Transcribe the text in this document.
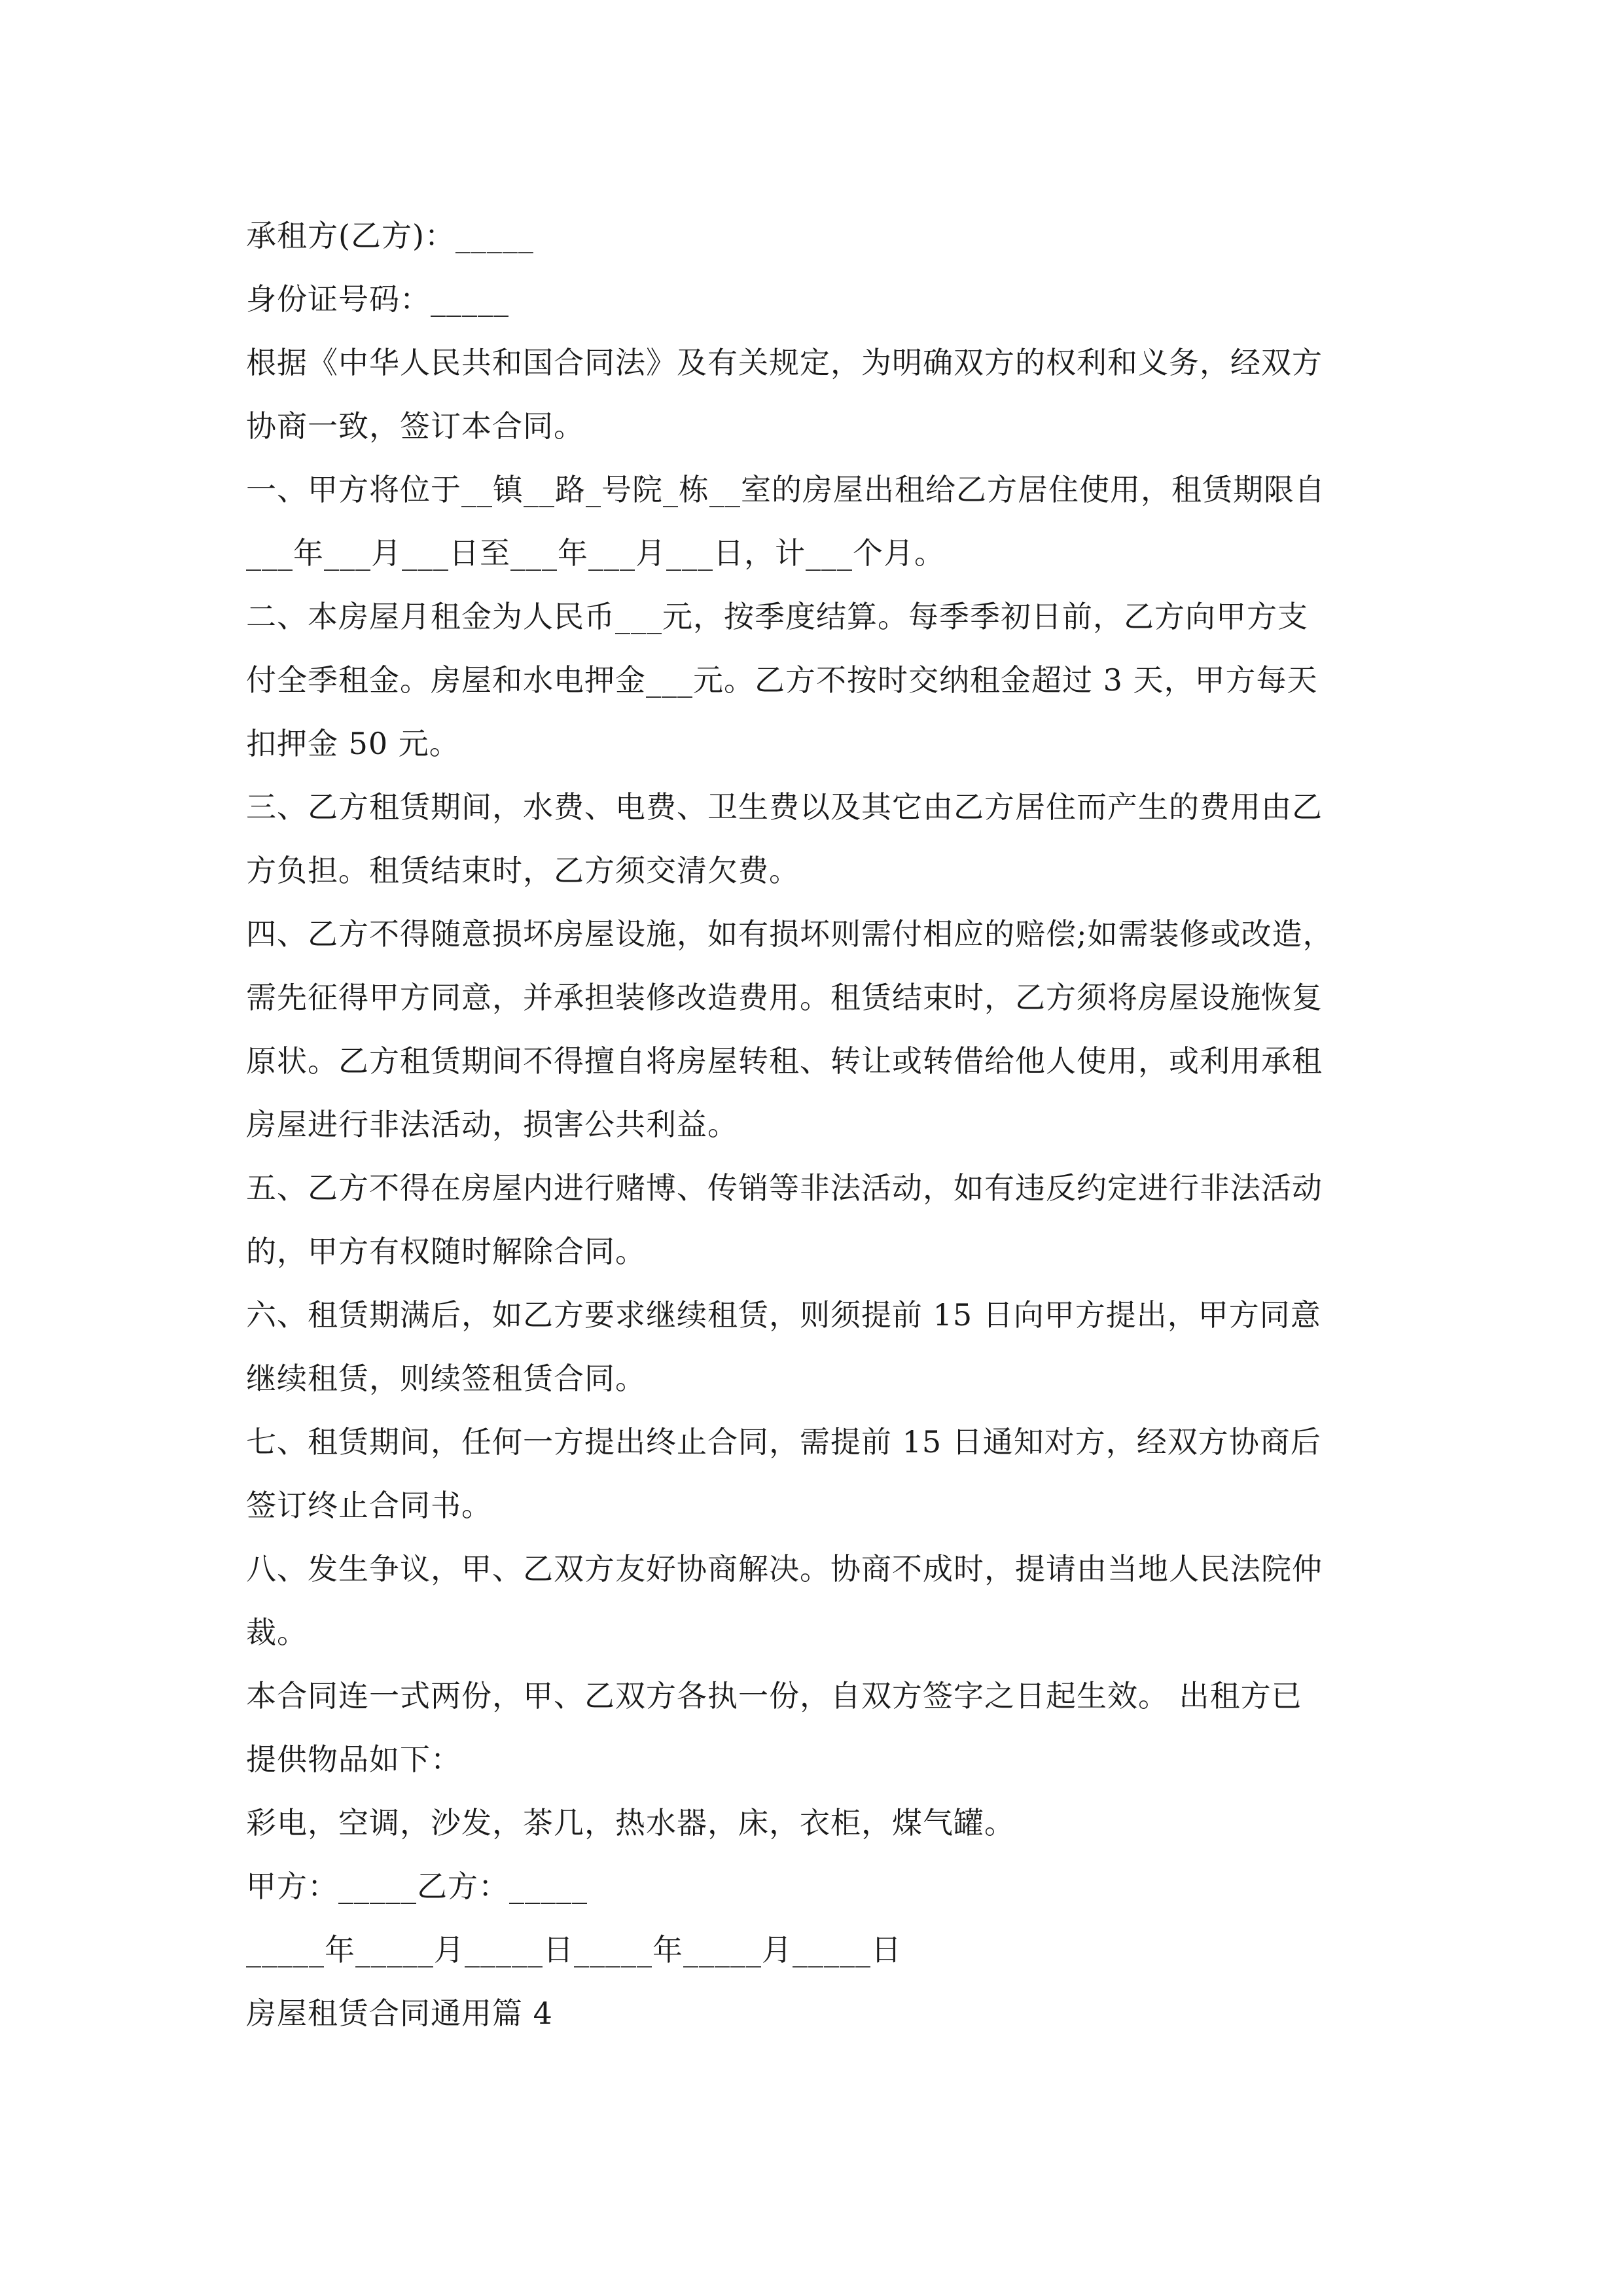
承租方(乙方)：_____

身份证号码：_____

根据《中华人民共和国合同法》及有关规定，为明确双方的权利和义务，经双方

协商一致，签订本合同。

一、甲方将位于__镇__路_号院_栋__室的房屋出租给乙方居住使用，租赁期限自

___年___月___日至___年___月___日，计___个月。

二、本房屋月租金为人民币___元，按季度结算。每季季初日前，乙方向甲方支

付全季租金。房屋和水电押金___元。乙方不按时交纳租金超过 3 天，甲方每天

扣押金 50 元。

三、乙方租赁期间，水费、电费、卫生费以及其它由乙方居住而产生的费用由乙

方负担。租赁结束时，乙方须交清欠费。

四、乙方不得随意损坏房屋设施，如有损坏则需付相应的赔偿;如需装修或改造，

需先征得甲方同意，并承担装修改造费用。租赁结束时，乙方须将房屋设施恢复

原状。乙方租赁期间不得擅自将房屋转租、转让或转借给他人使用，或利用承租

房屋进行非法活动，损害公共利益。

五、乙方不得在房屋内进行赌博、传销等非法活动，如有违反约定进行非法活动

的，甲方有权随时解除合同。

六、租赁期满后，如乙方要求继续租赁，则须提前 15 日向甲方提出，甲方同意

继续租赁，则续签租赁合同。

七、租赁期间，任何一方提出终止合同，需提前 15 日通知对方，经双方协商后

签订终止合同书。

八、发生争议，甲、乙双方友好协商解决。协商不成时，提请由当地人民法院仲

裁。

本合同连一式两份，甲、乙双方各执一份，自双方签字之日起生效。 出租方已

提供物品如下：

彩电，空调，沙发，茶几，热水器，床，衣柜，煤气罐。

甲方：_____乙方：_____

_____年_____月_____日_____年_____月_____日

房屋租赁合同通用篇 4
